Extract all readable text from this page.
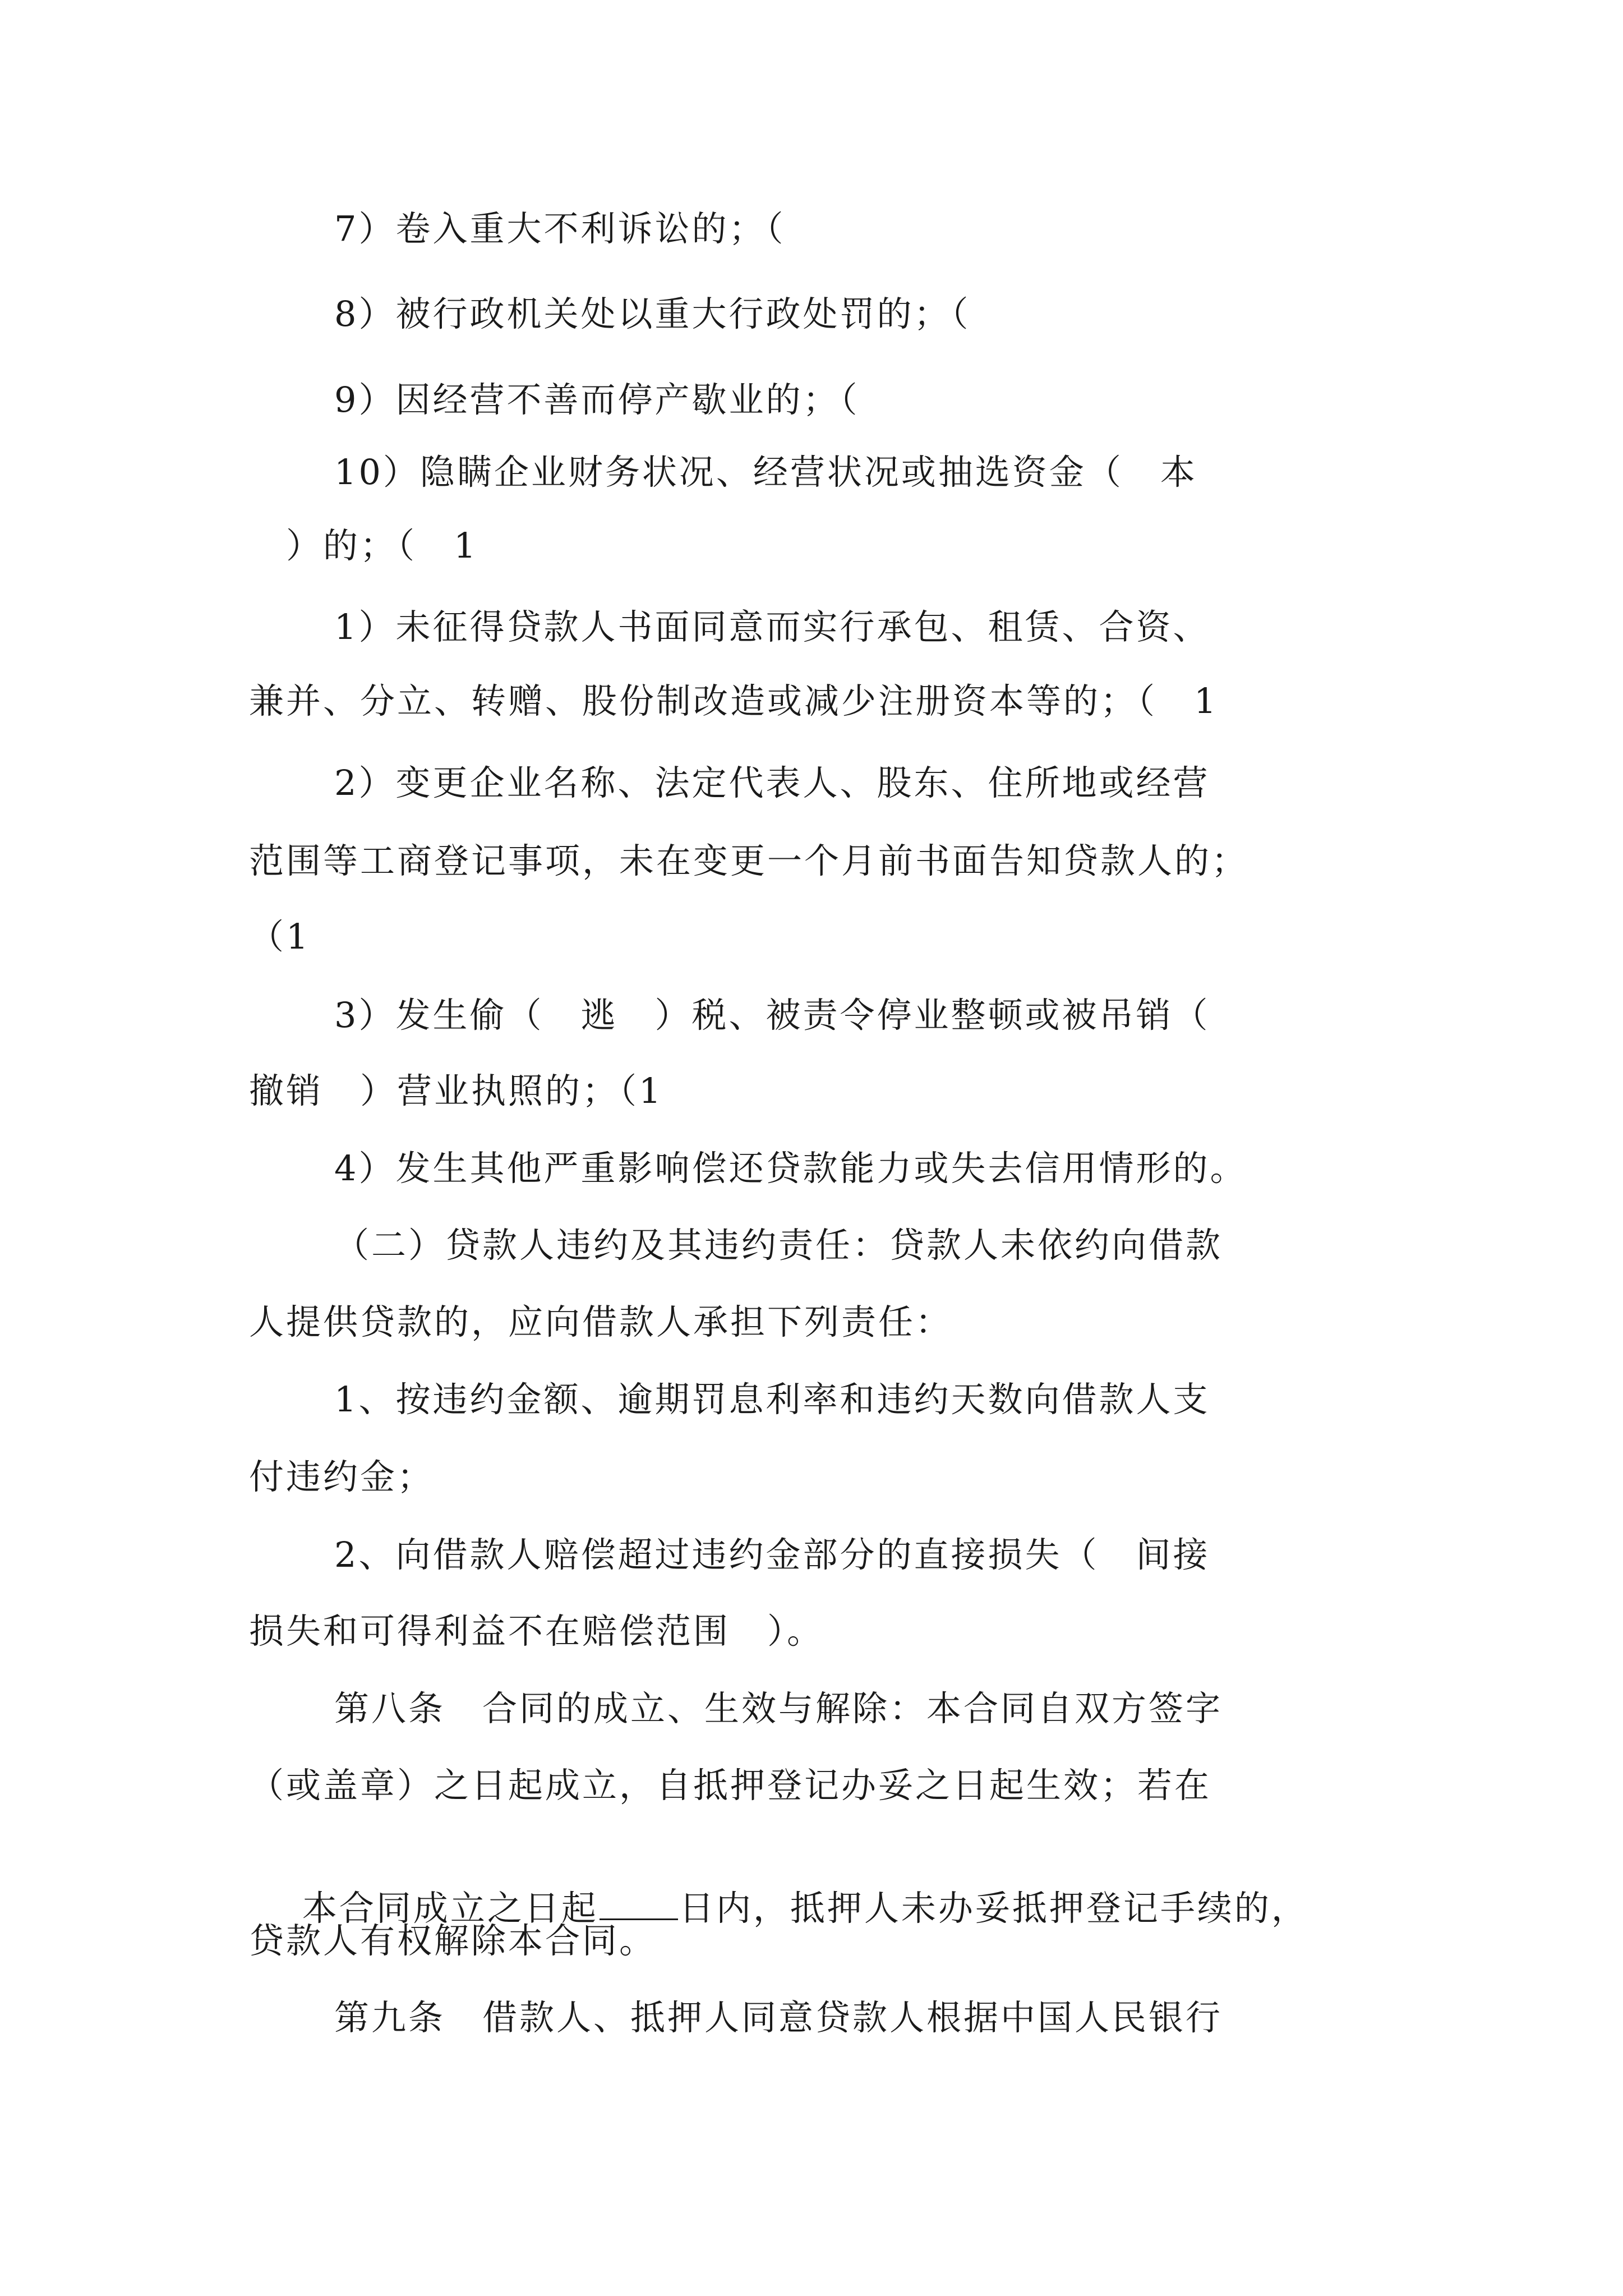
7）卷入重大不利诉讼的；（
8）被行政机关处以重大行政处罚的；（
9）因经营不善而停产歇业的；（
10）隐瞒企业财务状况、经营状况或抽选资金（　本
）的；（　1
1）未征得贷款人书面同意而实行承包、租赁、合资、
兼并、分立、转赠、股份制改造或减少注册资本等的；（　1
2）变更企业名称、法定代表人、股东、住所地或经营
范围等工商登记事项，未在变更一个月前书面告知贷款人的；
（1
3）发生偷（　逃　）税、被责令停业整顿或被吊销（
撤销　）营业执照的；（1
4）发生其他严重影响偿还贷款能力或失去信用情形的。
（二）贷款人违约及其违约责任：贷款人未依约向借款
人提供贷款的，应向借款人承担下列责任：
1、按违约金额、逾期罚息利率和违约天数向借款人支
付违约金；
2、向借款人赔偿超过违约金部分的直接损失（　间接
损失和可得利益不在赔偿范围　）。
第八条　合同的成立、生效与解除：本合同自双方签字
（或盖章）之日起成立，自抵押登记办妥之日起生效；若在

本合同成立之日起 日内，抵押人未办妥抵押登记手续的，

贷款人有权解除本合同。
第九条　借款人、抵押人同意贷款人根据中国人民银行
